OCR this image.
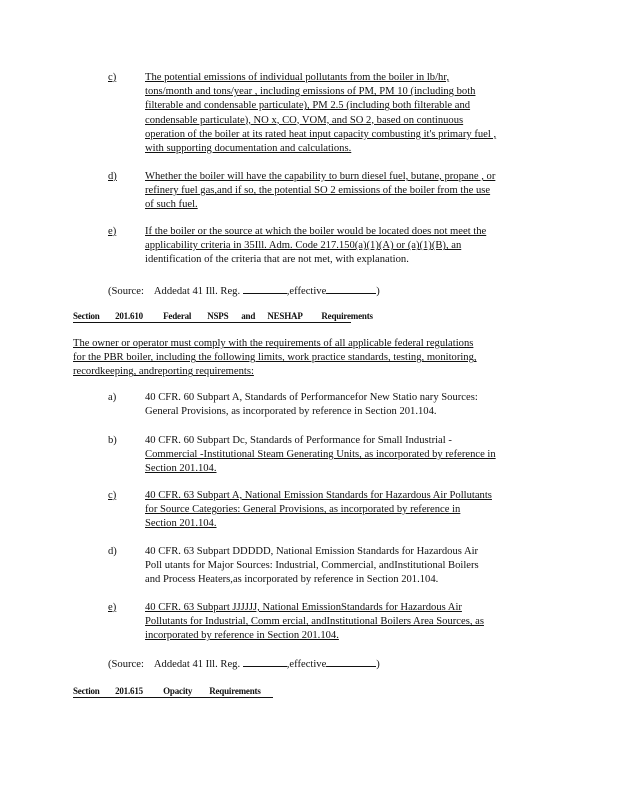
c)	The potential emissions of individual pollutants from the boiler in lb/hr,
tons/month and tons/year , including emissions of PM, PM 10 (including both
filterable and condensable particulate), PM 2.5 (including both filterable and
condensable particulate), NO x, CO, VOM, and SO 2, based on continuous
operation of the boiler at its rated heat input capacity combusting it's primary fuel ,
with supporting documentation and calculations.
d)	Whether the boiler will have the capability to burn diesel fuel, butane, propane , or
refinery fuel gas,and if so, the potential SO 2 emissions of the boiler from the use
of such fuel.
e)	If the boiler or the source at which the boiler would be located does not meet the
applicability criteria in 35Ill. Adm. Code 217.150(a)(1)(A) or (a)(1)(B), an
identification of the criteria that are not met, with explanation.
(Source: Addedat 41 Ill. Reg.	,effective	)
Section 201.610 Federal NSPS and NESHAP Requirements
The owner or operator must comply with the requirements of all applicable federal regulations
for the PBR boiler, including the following limits, work practice standards, testing, monitoring,
recordkeeping, andreporting requirements:
a)	40 CFR. 60 Subpart A, Standards of Performancefor New Statio nary Sources:
General Provisions, as incorporated by reference in Section 201.104.
b)	40 CFR. 60 Subpart Dc, Standards of Performance for Small Industrial -
Commercial -Institutional Steam Generating Units, as incorporated by reference in
Section 201.104.
c)	40 CFR. 63 Subpart A, National Emission Standards for Hazardous Air Pollutants
for Source Categories: General Provisions, as incorporated by reference in
Section 201.104.
d)	40 CFR. 63 Subpart DDDDD, National Emission Standards for Hazardous Air
Poll utants for Major Sources: Industrial, Commercial, andInstitutional Boilers
and Process Heaters,as incorporated by reference in Section 201.104.
e)	40 CFR. 63 Subpart JJJJJJ, National EmissionStandards for Hazardous Air
Pollutants for Industrial, Comm ercial, andInstitutional Boilers Area Sources, as
incorporated by reference in Section 201.104.
(Source: Addedat 41 Ill. Reg.	,effective	)
Section 201.615 Opacity Requirements
